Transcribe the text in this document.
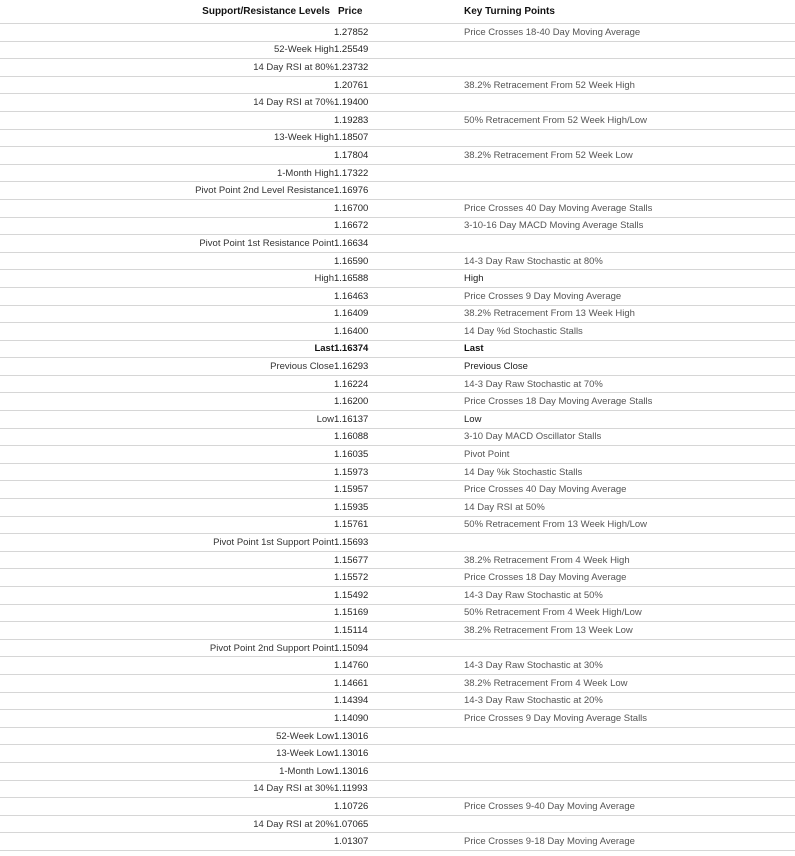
Support/Resistance Levels	Price		Key Turning Points
	1.27852		Price Crosses 18-40 Day Moving Average
52-Week High	1.25549		
14 Day RSI at 80%	1.23732		
	1.20761		38.2% Retracement From 52 Week High
14 Day RSI at 70%	1.19400		
	1.19283		50% Retracement From 52 Week High/Low
13-Week High	1.18507		
	1.17804		38.2% Retracement From 52 Week Low
1-Month High	1.17322		
Pivot Point 2nd Level Resistance	1.16976		
	1.16700		Price Crosses 40 Day Moving Average Stalls
	1.16672		3-10-16 Day MACD Moving Average Stalls
Pivot Point 1st Resistance Point	1.16634		
	1.16590		14-3 Day Raw Stochastic at 80%
High	1.16588		High
	1.16463		Price Crosses 9 Day Moving Average
	1.16409		38.2% Retracement From 13 Week High
	1.16400		14 Day %d Stochastic Stalls
Last	1.16374		Last
Previous Close	1.16293		Previous Close
	1.16224		14-3 Day Raw Stochastic at 70%
	1.16200		Price Crosses 18 Day Moving Average Stalls
Low	1.16137		Low
	1.16088		3-10 Day MACD Oscillator Stalls
	1.16035		Pivot Point
	1.15973		14 Day %k Stochastic Stalls
	1.15957		Price Crosses 40 Day Moving Average
	1.15935		14 Day RSI at 50%
	1.15761		50% Retracement From 13 Week High/Low
Pivot Point 1st Support Point	1.15693		
	1.15677		38.2% Retracement From 4 Week High
	1.15572		Price Crosses 18 Day Moving Average
	1.15492		14-3 Day Raw Stochastic at 50%
	1.15169		50% Retracement From 4 Week High/Low
	1.15114		38.2% Retracement From 13 Week Low
Pivot Point 2nd Support Point	1.15094		
	1.14760		14-3 Day Raw Stochastic at 30%
	1.14661		38.2% Retracement From 4 Week Low
	1.14394		14-3 Day Raw Stochastic at 20%
	1.14090		Price Crosses 9 Day Moving Average Stalls
52-Week Low	1.13016		
13-Week Low	1.13016		
1-Month Low	1.13016		
14 Day RSI at 30%	1.11993		
	1.10726		Price Crosses 9-40 Day Moving Average
14 Day RSI at 20%	1.07065		
	1.01307		Price Crosses 9-18 Day Moving Average
